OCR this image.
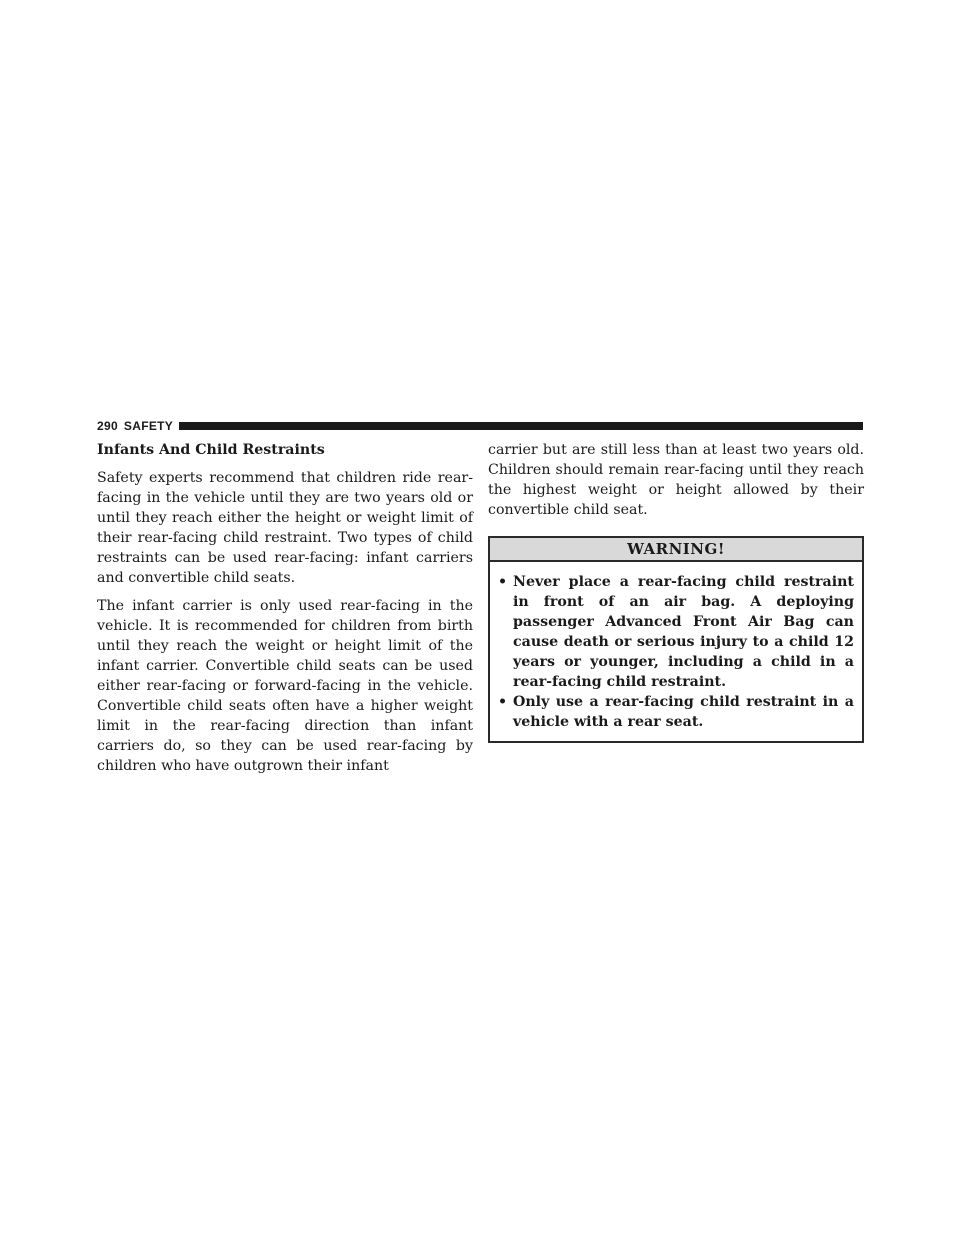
290 SAFETY

Infants And Child Restraints

Safety experts recommend that children ride rear-facing in the vehicle until they are two years old or until they reach either the height or weight limit of their rear-facing child restraint. Two types of child restraints can be used rear-facing: infant carriers and convertible child seats.

The infant carrier is only used rear-facing in the vehicle. It is recommended for children from birth until they reach the weight or height limit of the infant carrier. Convertible child seats can be used either rear-facing or forward-facing in the vehicle. Convertible child seats often have a higher weight limit in the rear-facing direction than infant carriers do, so they can be used rear-facing by children who have outgrown their infant

carrier but are still less than at least two years old. Children should remain rear-facing until they reach the highest weight or height allowed by their convertible child seat.

WARNING!
• Never place a rear-facing child restraint in front of an air bag. A deploying passenger Advanced Front Air Bag can cause death or serious injury to a child 12 years or younger, including a child in a rear-facing child restraint.
• Only use a rear-facing child restraint in a vehicle with a rear seat.
